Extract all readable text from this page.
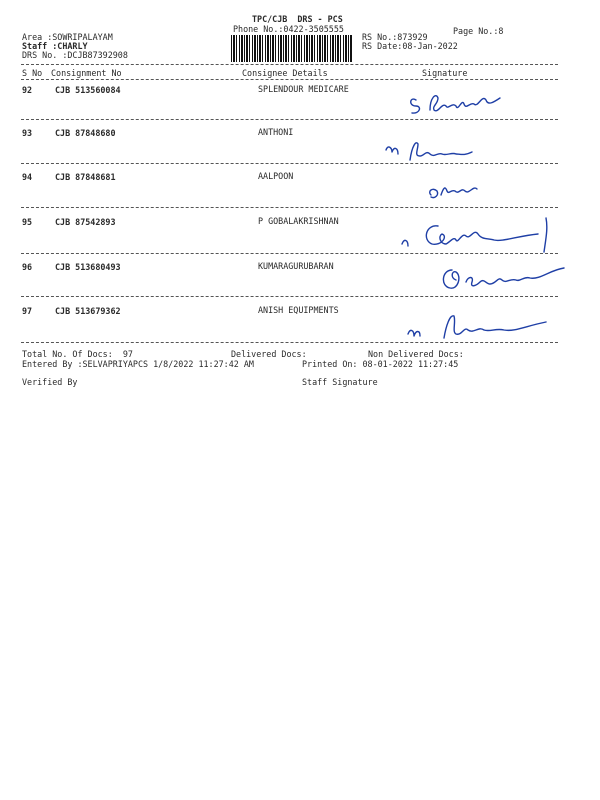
TPC/CJB  DRS - PCS
Phone No.:0422-3505555	Page No.:8
Area :SOWRIPALAYAM
Staff :CHARLY
DRS No. :DCJB87392908
RS No.:873929
RS Date:08-Jan-2022
S No Consignment No	Consignee Details	Signature
92	CJB 513560084	SPLENDOUR MEDICARE
93	CJB 87848680	ANTHONI
94	CJB 87848681	AALPOON
95	CJB 87542893	P GOBALAKRISHNAN
96	CJB 513680493	KUMARAGURUBARAN
97	CJB 513679362	ANISH EQUIPMENTS
Total No. Of Docs:  97	Delivered Docs:	Non Delivered Docs:
Entered By :SELVAPRIYAPCS 1/8/2022 11:27:42 AM	Printed On: 08-01-2022 11:27:45
Verified By	Staff Signature
